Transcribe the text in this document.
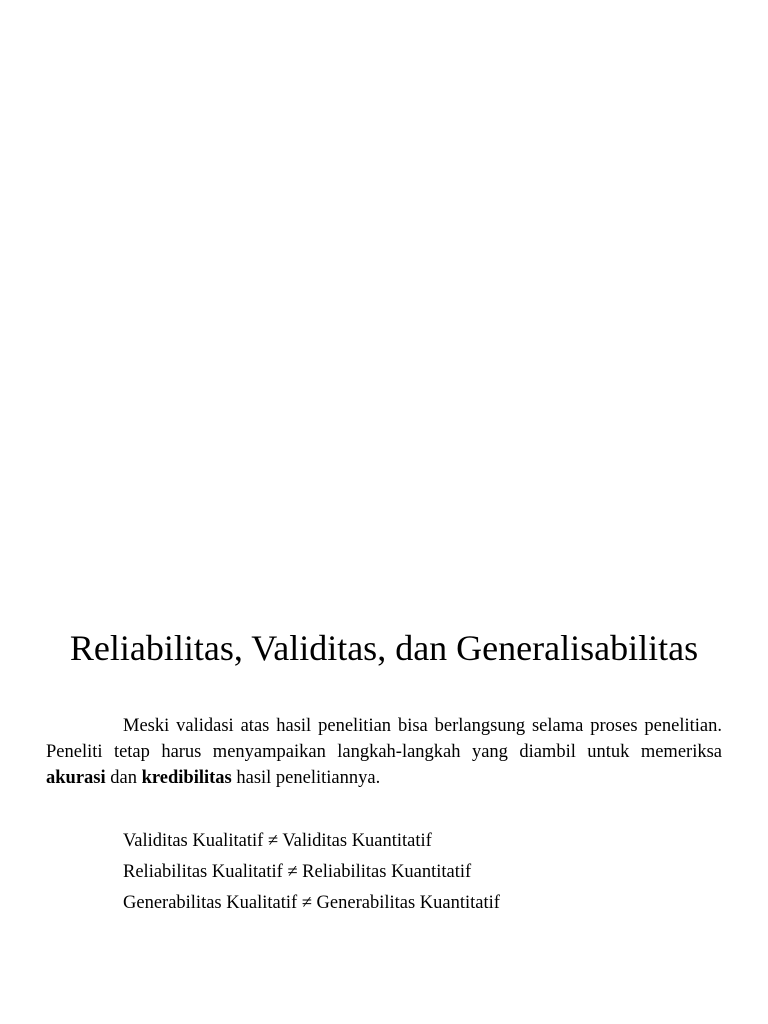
Reliabilitas, Validitas, dan Generalisabilitas

Meski validasi atas hasil penelitian bisa berlangsung selama proses penelitian. Peneliti tetap harus menyampaikan langkah-langkah yang diambil untuk memeriksa akurasi dan kredibilitas hasil penelitiannya.

Validitas Kualitatif ≠ Validitas Kuantitatif
Reliabilitas Kualitatif ≠ Reliabilitas Kuantitatif
Generabilitas Kualitatif ≠ Generabilitas Kuantitatif
